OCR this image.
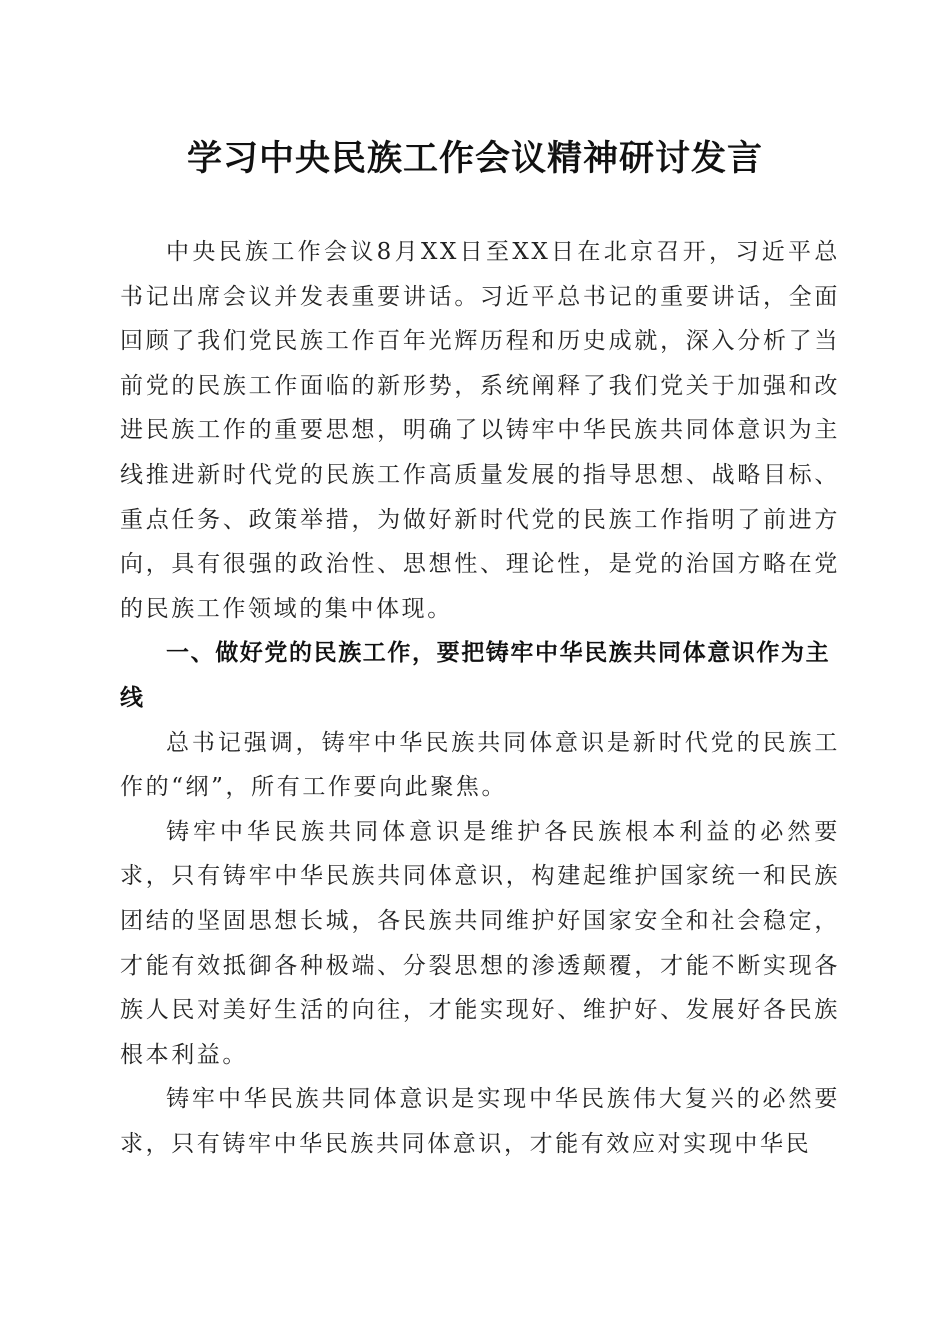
学习中央民族工作会议精神研讨发言

中央民族工作会议8月XX日至XX日在北京召开，习近平总书记出席会议并发表重要讲话。习近平总书记的重要讲话，全面回顾了我们党民族工作百年光辉历程和历史成就，深入分析了当前党的民族工作面临的新形势，系统阐释了我们党关于加强和改进民族工作的重要思想，明确了以铸牢中华民族共同体意识为主线推进新时代党的民族工作高质量发展的指导思想、战略目标、重点任务、政策举措，为做好新时代党的民族工作指明了前进方向，具有很强的政治性、思想性、理论性，是党的治国方略在党的民族工作领域的集中体现。

一、做好党的民族工作，要把铸牢中华民族共同体意识作为主线

总书记强调，铸牢中华民族共同体意识是新时代党的民族工作的“纲”，所有工作要向此聚焦。

铸牢中华民族共同体意识是维护各民族根本利益的必然要求，只有铸牢中华民族共同体意识，构建起维护国家统一和民族团结的坚固思想长城，各民族共同维护好国家安全和社会稳定，才能有效抵御各种极端、分裂思想的渗透颠覆，才能不断实现各族人民对美好生活的向往，才能实现好、维护好、发展好各民族根本利益。

铸牢中华民族共同体意识是实现中华民族伟大复兴的必然要求，只有铸牢中华民族共同体意识，才能有效应对实现中华民
